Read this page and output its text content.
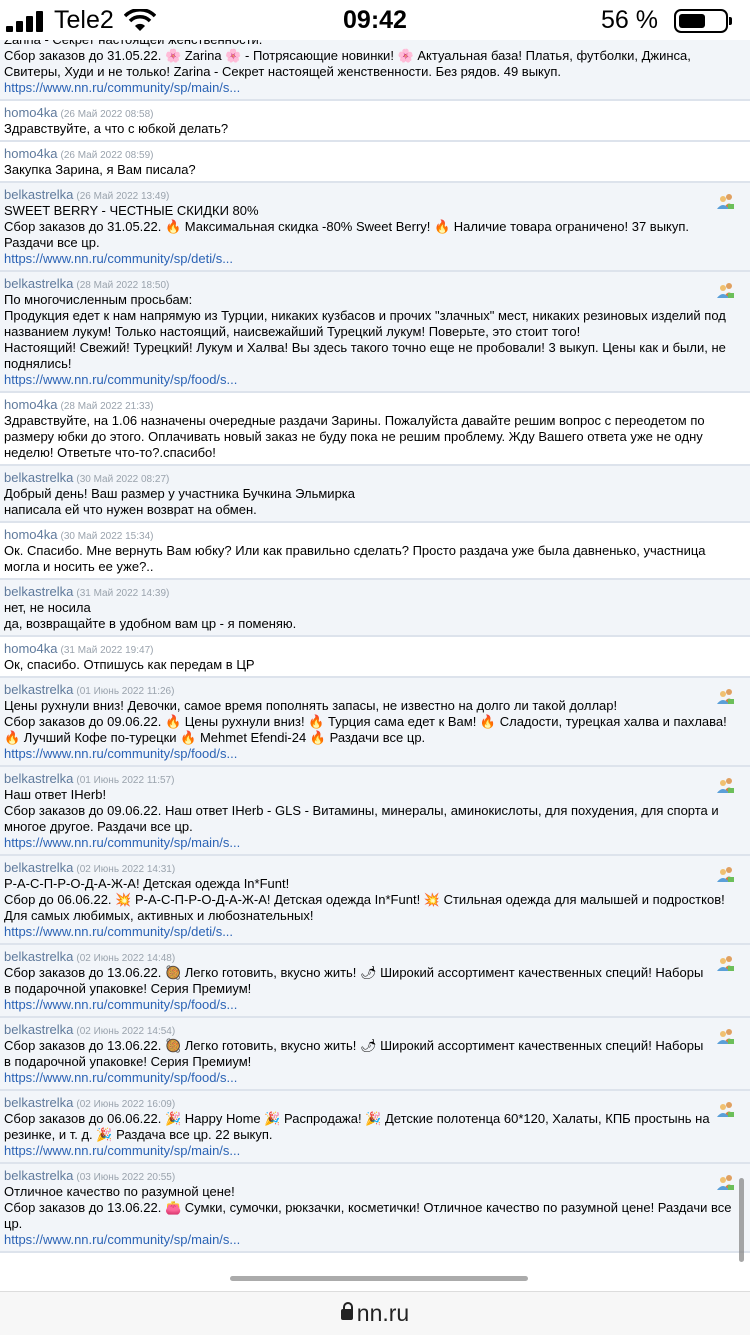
Tele2	09:42	56 %
Сбор заказов до 31.05.22. 🌸 Zarina 🌸 - Потрясающие новинки! 🌸 Актуальная база! Платья, футболки, Джинса,
Свитеры, Худи и не только! Zarina - Секрет настоящей женственности. Без рядов. 49 выкуп.
https://www.nn.ru/community/sp/main/s...
homo4ka (26 Май 2022 08:58)
Здравствуйте, а что с юбкой делать?
homo4ka (26 Май 2022 08:59)
Закупка Зарина, я Вам писала?
belkastrelka (26 Май 2022 13:49)
SWEET BERRY - ЧЕСТНЫЕ СКИДКИ 80%
Сбор заказов до 31.05.22. 🔥 Максимальная скидка -80% Sweet Berry! 🔥 Наличие товара ограничено! 37 выкуп.
Раздачи все цр.
https://www.nn.ru/community/sp/deti/s...
belkastrelka (28 Май 2022 18:50)
По многочисленным просьбам:
Продукция едет к нам напрямую из Турции, никаких кузбасов и прочих "злачных" мест, никаких резиновых изделий под
названием лукум! Только настоящий, наисвежайший Турецкий лукум! Поверьте, это стоит того!
Настоящий! Свежий! Турецкий! Лукум и Халва! Вы здесь такого точно еще не пробовали! 3 выкуп. Цены как и были, не
поднялись!
https://www.nn.ru/community/sp/food/s...
homo4ka (28 Май 2022 21:33)
Здравствуйте, на 1.06 назначены очередные раздачи Зарины. Пожалуйста давайте решим вопрос с переодетом по
размеру юбки до этого. Оплачивать новый заказ не буду пока не решим проблему. Жду Вашего ответа уже не одну
неделю! Ответьте что-то?.спасибо!
belkastrelka (30 Май 2022 08:27)
Добрый день! Ваш размер у участника Бучкина Эльмирка
написала ей что нужен возврат на обмен.
homo4ka (30 Май 2022 15:34)
Ок. Спасибо. Мне вернуть Вам юбку? Или как правильно сделать? Просто раздача уже была давненько, участница
могла и носить ее уже?..
belkastrelka (31 Май 2022 14:39)
нет, не носила
да, возвращайте в удобном вам цр - я поменяю.
homo4ka (31 Май 2022 19:47)
Ок, спасибо. Отпишусь как передам в ЦР
belkastrelka (01 Июнь 2022 11:26)
Цены рухнули вниз! Девочки, самое время пополнять запасы, не известно на долго ли такой доллар!
Сбор заказов до 09.06.22. 🔥 Цены рухнули вниз! 🔥 Турция сама едет к Вам! 🔥 Сладости, турецкая халва и пахлава!
🔥 Лучший Кофе по-турецки 🔥 Mehmet Efendi-24 🔥 Раздачи все цр.
https://www.nn.ru/community/sp/food/s...
belkastrelka (01 Июнь 2022 11:57)
Наш ответ IHerb!
Сбор заказов до 09.06.22. Наш ответ IHerb - GLS - Витамины, минералы, аминокислоты, для похудения, для спорта и
многое другое. Раздачи все цр.
https://www.nn.ru/community/sp/main/s...
belkastrelka (02 Июнь 2022 14:31)
Р-А-С-П-Р-О-Д-А-Ж-А! Детская одежда In*Funt!
Сбор до 06.06.22. 💥 Р-А-С-П-Р-О-Д-А-Ж-А! Детская одежда In*Funt! 💥 Стильная одежда для малышей и подростков!
Для самых любимых, активных и любознательных!
https://www.nn.ru/community/sp/deti/s...
belkastrelka (02 Июнь 2022 14:48)
Сбор заказов до 13.06.22. 🥘 Легко готовить, вкусно жить! 🌶 Широкий ассортимент качественных специй! Наборы
в подарочной упаковке! Серия Премиум!
https://www.nn.ru/community/sp/food/s...
belkastrelka (02 Июнь 2022 14:54)
Сбор заказов до 13.06.22. 🥘 Легко готовить, вкусно жить! 🌶 Широкий ассортимент качественных специй! Наборы
в подарочной упаковке! Серия Премиум!
https://www.nn.ru/community/sp/food/s...
belkastrelka (02 Июнь 2022 16:09)
Сбор заказов до 06.06.22. 🎉 Happy Home 🎉 Распродажа! 🎉 Детские полотенца 60*120, Халаты, КПБ простынь на
резинке, и т. д. 🎉 Раздача все цр. 22 выкуп.
https://www.nn.ru/community/sp/main/s...
belkastrelka (03 Июнь 2022 20:55)
Отличное качество по разумной цене!
Сбор заказов до 13.06.22. 👛 Сумки, сумочки, рюкзачки, косметички! Отличное качество по разумной цене! Раздачи все
цр.
https://www.nn.ru/community/sp/main/s...
nn.ru
